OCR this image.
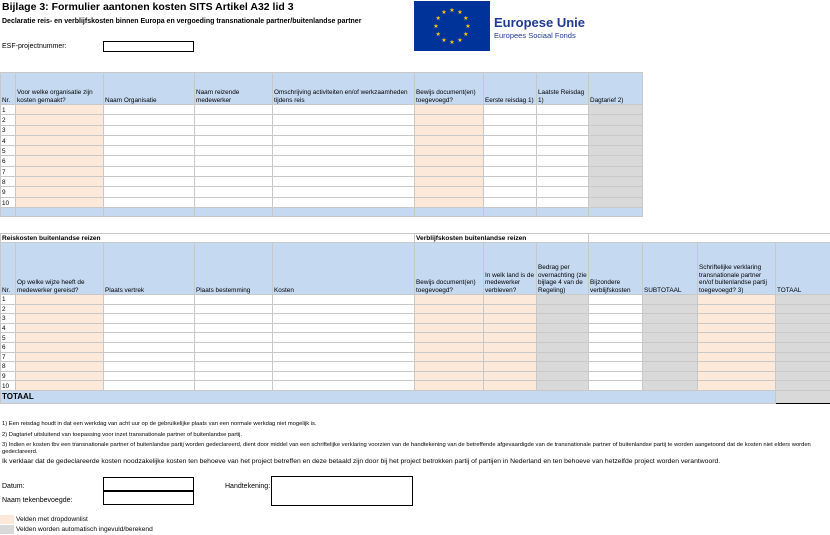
Bijlage 3: Formulier aantonen kosten SITS Artikel A32 lid 3
Declaratie reis- en verblijfskosten binnen Europa en vergoeding transnationale partner/buitenlandse partner
ESF-projectnummer:
★ ★
★
★
★
★
★
★
★
★
★
★
Europese Unie
Europees Sociaal Fonds
Nr.	Voor welke organisatie zijn kosten gemaakt?	Naam Organisatie	Naam reizende medewerker	Omschrijving activiteiten en/of werkzaamheden tijdens reis	Bewijs document(en) toegevoegd?	Eerste reisdag 1)	Laatste Reisdag 1)	Dagtarief 2)
1								
2								
3								
4								
5								
6								
7								
8								
9								
10								

Reiskosten buitenlandse reizen					Verblijfskosten buitenlandse reizen						
Nr.	Op welke wijze heeft de medewerker gereisd?	Plaats vertrek	Plaats bestemming	Kosten	Bewijs document(en) toegevoegd?	In welk land is de medewerker verbleven?	Bedrag per overnachting (zie bijlage 4 van de Regeling)	Bijzondere verblijfskosten	SUBTOTAAL	Schriftelijke verklaring transnationale partner en/of buitenlandse partij toegevoegd? 3)	TOTAAL
1											
2											
3											
4											
5											
6											
7											
8											
9											
10											
TOTAAL											
1) Een reisdag houdt in dat een werkdag van acht uur op de gebruikelijke plaats van een normale werkdag niet mogelijk is.
2) Dagtarief uitsluitend van toepassing voor inzet transnationale partner of buitenlandse partij.
3) Indien er kosten tbv een transnationale partner of buitenlandse partij worden gedeclareerd, dient door middel van een schriftelijke verklaring voorzien van de handtekening van de betreffende afgevaardigde van de transnationale partner of buitenlandse partij te worden aangetoond dat de kosten niet elders worden gedeclareerd.
Ik verklaar dat de gedeclareerde kosten noodzakelijke kosten ten behoeve van het project betreffen en deze betaald zijn door bij het project betrokken partij of partijen in Nederland en ten behoeve van hetzelfde project worden verantwoord.
Datum:
Naam tekenbevoegde:
Handtekening:
Velden met dropdownlist
Velden worden automatisch ingevuld/berekend
